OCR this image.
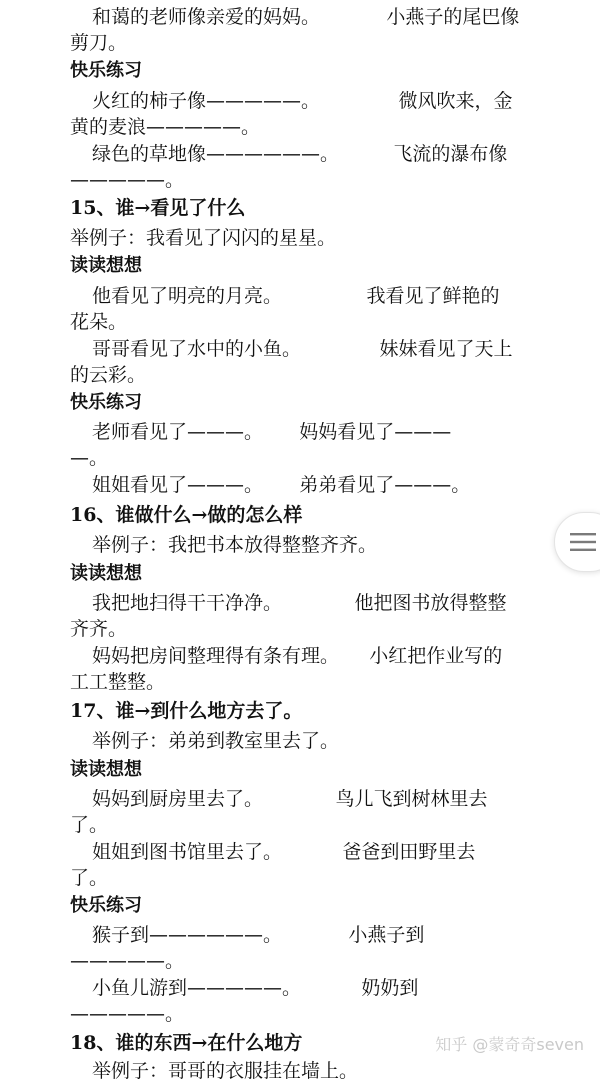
和蔼的老师像亲爱的妈妈。           小燕子的尾巴像
剪刀。
快乐练习
火红的柿子像—————。             微风吹来，金
黄的麦浪—————。
绿色的草地像——————。         飞流的瀑布像
—————。
15、谁→看见了什么
举例子：我看见了闪闪的星星。
读读想想
他看见了明亮的月亮。              我看见了鲜艳的
花朵。
哥哥看见了水中的小鱼。             妹妹看见了天上
的云彩。
快乐练习
老师看见了———。      妈妈看见了———
—。
姐姐看见了———。      弟弟看见了———。
16、谁做什么→做的怎么样
举例子：我把书本放得整整齐齐。
读读想想
我把地扫得干干净净。            他把图书放得整整
齐齐。
妈妈把房间整理得有条有理。     小红把作业写的
工工整整。
17、谁→到什么地方去了。
举例子：弟弟到教室里去了。
读读想想
妈妈到厨房里去了。            鸟儿飞到树林里去
了。
姐姐到图书馆里去了。          爸爸到田野里去
了。
快乐练习
猴子到——————。           小燕子到
—————。
小鱼儿游到—————。          奶奶到
—————。
18、谁的东西→在什么地方
举例子：哥哥的衣服挂在墙上。
知乎 @蒙奇奇seven
